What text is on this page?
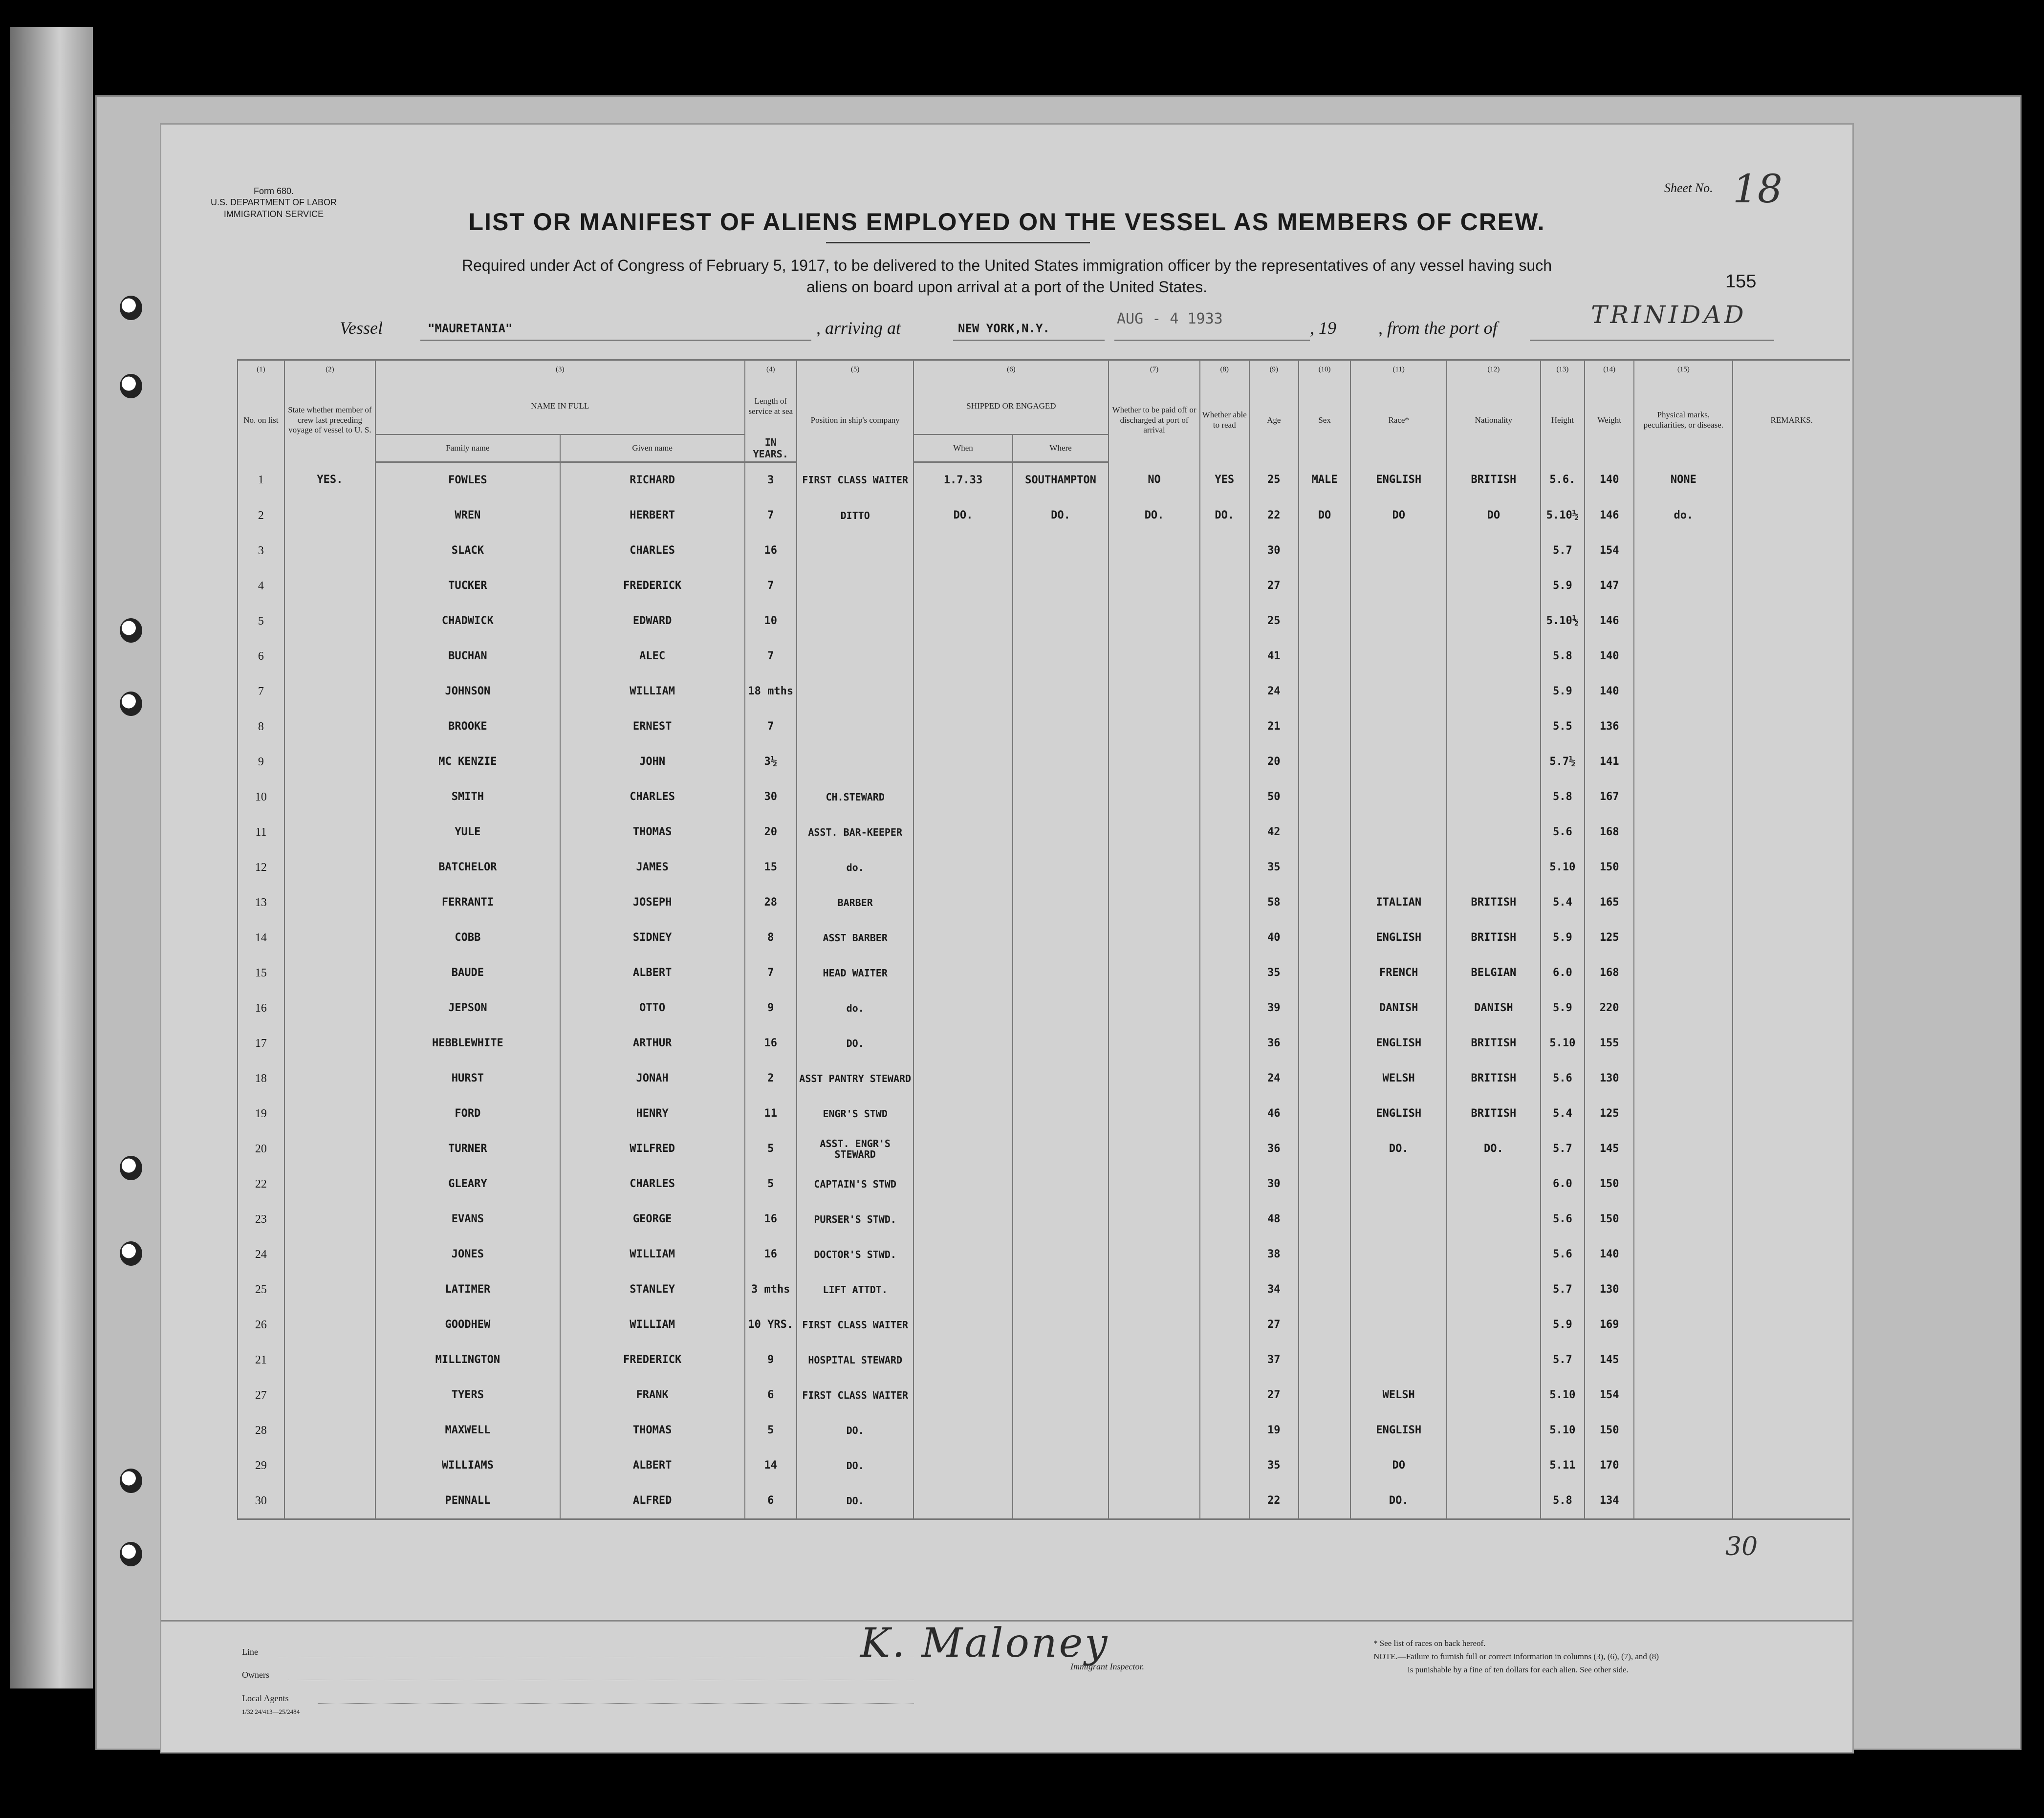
Form 680.
U.S. DEPARTMENT OF LABOR
IMMIGRATION SERVICE
Sheet No. 18
155
LIST OR MANIFEST OF ALIENS EMPLOYED ON THE VESSEL AS MEMBERS OF CREW.
Required under Act of Congress of February 5, 1917, to be delivered to the United States immigration officer by the representatives of any vessel having such
aliens on board upon arrival at a port of the United States.
Vessel	"MAURETANIA"	, arriving at	NEW YORK,N.Y.
AUG - 4 1933	, 19 , from the port of	TRINIDAD
(1)	(2)	(3)		(4)	(5)	(6)		(7)	(8)	(9)	(10)	(11)	(12)	(13)	(14)	(15)	
No. on list	State whether member of crew last preceding voyage of vessel to U. S.	NAME IN FULL		Length of service at sea	Position in ship's company	SHIPPED OR ENGAGED		Whether to be paid off or discharged at port of arrival	Whether able to read	Age	Sex	Race*	Nationality	Height	Weight	Physical marks, peculiarities, or disease.	REMARKS.
		Family name	Given name	IN YEARS.		When	Where										
1	YES.	FOWLES	RICHARD	3	FIRST CLASS WAITER	1.7.33	SOUTHAMPTON	NO	YES	25	MALE	ENGLISH	BRITISH	5.6.	140	NONE	
2		WREN	HERBERT	7	DITTO	DO.	DO.	DO.	DO.	22	DO	DO	DO	5.10½	146	do.	
3		SLACK	CHARLES	16						30				5.7	154		
4		TUCKER	FREDERICK	7						27				5.9	147		
5		CHADWICK	EDWARD	10						25				5.10½	146		
6		BUCHAN	ALEC	7						41				5.8	140		
7		JOHNSON	WILLIAM	18 mths						24				5.9	140		
8		BROOKE	ERNEST	7						21				5.5	136		
9		MC KENZIE	JOHN	3½						20				5.7½	141		
10		SMITH	CHARLES	30	CH.STEWARD					50				5.8	167		
11		YULE	THOMAS	20	ASST. BAR-KEEPER					42				5.6	168		
12		BATCHELOR	JAMES	15	do.					35				5.10	150		
13		FERRANTI	JOSEPH	28	BARBER					58		ITALIAN	BRITISH	5.4	165		
14		COBB	SIDNEY	8	ASST BARBER					40		ENGLISH	BRITISH	5.9	125		
15		BAUDE	ALBERT	7	HEAD WAITER					35		FRENCH	BELGIAN	6.0	168		
16		JEPSON	OTTO	9	do.					39		DANISH	DANISH	5.9	220		
17		HEBBLEWHITE	ARTHUR	16	DO.					36		ENGLISH	BRITISH	5.10	155		
18		HURST	JONAH	2	ASST PANTRY STEWARD					24		WELSH	BRITISH	5.6	130		
19		FORD	HENRY	11	ENGR'S STWD					46		ENGLISH	BRITISH	5.4	125		
20		TURNER	WILFRED	5	ASST. ENGR'S STEWARD					36		DO.	DO.	5.7	145		
22		GLEARY	CHARLES	5	CAPTAIN'S STWD					30				6.0	150		
23		EVANS	GEORGE	16	PURSER'S STWD.					48				5.6	150		
24		JONES	WILLIAM	16	DOCTOR'S STWD.					38				5.6	140		
25		LATIMER	STANLEY	3 mths	LIFT ATTDT.					34				5.7	130		
26		GOODHEW	WILLIAM	10 YRS.	FIRST CLASS WAITER					27				5.9	169		
21		MILLINGTON	FREDERICK	9	HOSPITAL STEWARD					37				5.7	145		
27		TYERS	FRANK	6	FIRST CLASS WAITER					27		WELSH		5.10	154		
28		MAXWELL	THOMAS	5	DO.					19		ENGLISH		5.10	150		
29		WILLIAMS	ALBERT	14	DO.					35		DO		5.11	170		
30		PENNALL	ALFRED	6	DO.					22		DO.		5.8	134		
30
Line
Owners
Local Agents
1/32 24/413—25/2484
K. Maloney
Immigrant Inspector.
* See list of races on back hereof.
NOTE.—Failure to furnish full or correct information in columns (3), (6), (7), and (8)
is punishable by a fine of ten dollars for each alien. See other side.
